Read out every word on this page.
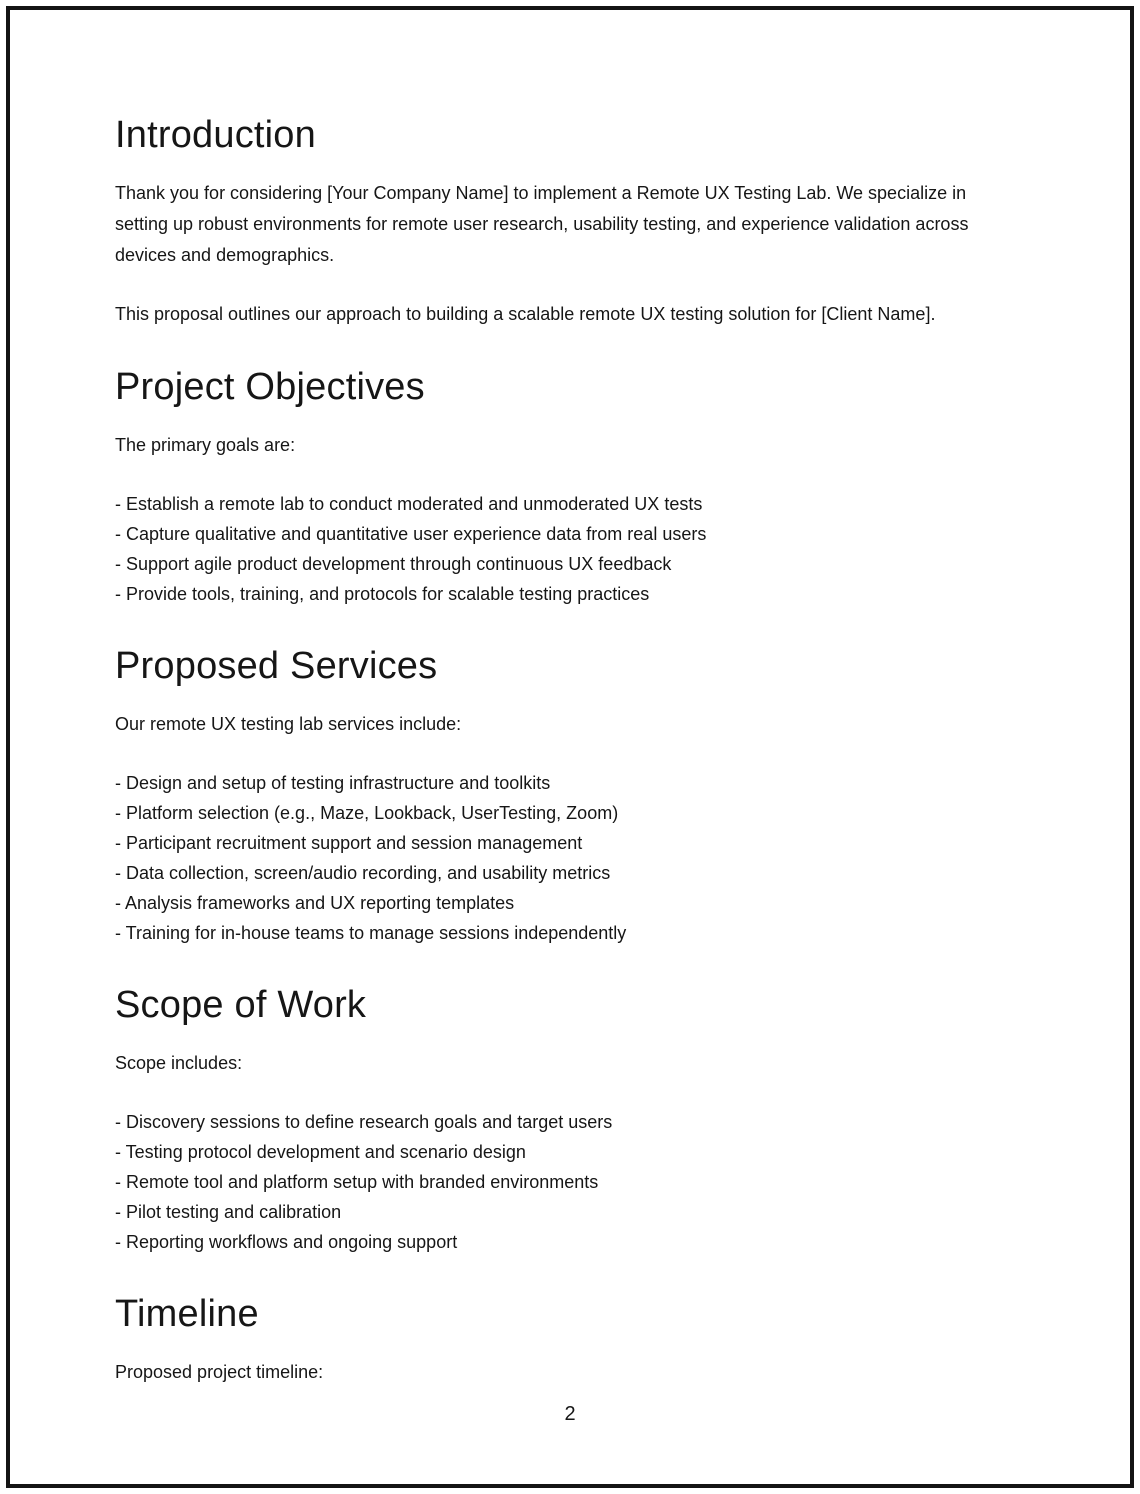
Introduction

Thank you for considering [Your Company Name] to implement a Remote UX Testing Lab. We specialize in setting up robust environments for remote user research, usability testing, and experience validation across devices and demographics.

This proposal outlines our approach to building a scalable remote UX testing solution for [Client Name].

Project Objectives

The primary goals are:

- Establish a remote lab to conduct moderated and unmoderated UX tests

- Capture qualitative and quantitative user experience data from real users

- Support agile product development through continuous UX feedback

- Provide tools, training, and protocols for scalable testing practices

Proposed Services

Our remote UX testing lab services include:

- Design and setup of testing infrastructure and toolkits

- Platform selection (e.g., Maze, Lookback, UserTesting, Zoom)

- Participant recruitment support and session management

- Data collection, screen/audio recording, and usability metrics

- Analysis frameworks and UX reporting templates

- Training for in-house teams to manage sessions independently

Scope of Work

Scope includes:

- Discovery sessions to define research goals and target users

- Testing protocol development and scenario design

- Remote tool and platform setup with branded environments

- Pilot testing and calibration

- Reporting workflows and ongoing support

Timeline

Proposed project timeline:

2
